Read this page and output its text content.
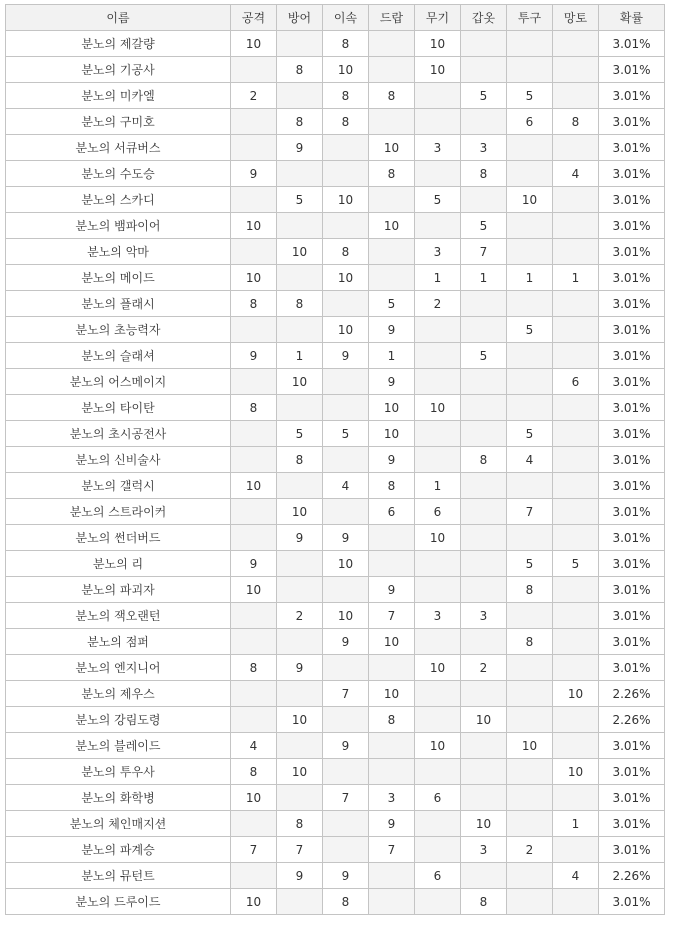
이름	공격	방어	이속	드랍	무기	갑옷	투구	망토	확률
분노의 제갈량	10		8		10				3.01%
분노의 기공사		8	10		10				3.01%
분노의 미카엘	2		8	8		5	5		3.01%
분노의 구미호		8	8				6	8	3.01%
분노의 서큐버스		9		10	3	3			3.01%
분노의 수도승	9			8		8		4	3.01%
분노의 스카디		5	10		5		10		3.01%
분노의 뱀파이어	10			10		5			3.01%
분노의 악마		10	8		3	7			3.01%
분노의 메이드	10		10		1	1	1	1	3.01%
분노의 플래시	8	8		5	2				3.01%
분노의 초능력자			10	9			5		3.01%
분노의 슬래셔	9	1	9	1		5			3.01%
분노의 어스메이지		10		9				6	3.01%
분노의 타이탄	8			10	10				3.01%
분노의 초시공전사		5	5	10			5		3.01%
분노의 신비술사		8		9		8	4		3.01%
분노의 갤럭시	10		4	8	1				3.01%
분노의 스트라이커		10		6	6		7		3.01%
분노의 썬더버드		9	9		10				3.01%
분노의 리	9		10				5	5	3.01%
분노의 파괴자	10			9			8		3.01%
분노의 잭오랜턴		2	10	7	3	3			3.01%
분노의 점퍼			9	10			8		3.01%
분노의 엔지니어	8	9			10	2			3.01%
분노의 제우스			7	10				10	2.26%
분노의 강림도령		10		8		10			2.26%
분노의 블레이드	4		9		10		10		3.01%
분노의 투우사	8	10						10	3.01%
분노의 화학병	10		7	3	6				3.01%
분노의 체인매지션		8		9		10		1	3.01%
분노의 파계승	7	7		7		3	2		3.01%
분노의 뮤턴트		9	9		6			4	2.26%
분노의 드루이드	10		8			8			3.01%
